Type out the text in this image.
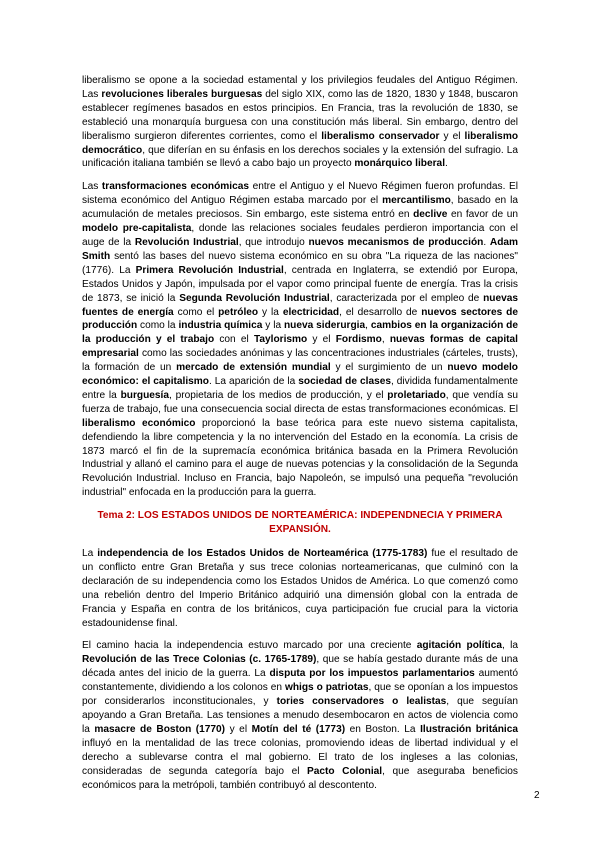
liberalismo se opone a la sociedad estamental y los privilegios feudales del Antiguo Régimen. Las revoluciones liberales burguesas del siglo XIX, como las de 1820, 1830 y 1848, buscaron establecer regímenes basados en estos principios. En Francia, tras la revolución de 1830, se estableció una monarquía burguesa con una constitución más liberal. Sin embargo, dentro del liberalismo surgieron diferentes corrientes, como el liberalismo conservador y el liberalismo democrático, que diferían en su énfasis en los derechos sociales y la extensión del sufragio. La unificación italiana también se llevó a cabo bajo un proyecto monárquico liberal.

Las transformaciones económicas entre el Antiguo y el Nuevo Régimen fueron profundas. El sistema económico del Antiguo Régimen estaba marcado por el mercantilismo, basado en la acumulación de metales preciosos. Sin embargo, este sistema entró en declive en favor de un modelo pre-capitalista, donde las relaciones sociales feudales perdieron importancia con el auge de la Revolución Industrial, que introdujo nuevos mecanismos de producción. Adam Smith sentó las bases del nuevo sistema económico en su obra "La riqueza de las naciones" (1776). La Primera Revolución Industrial, centrada en Inglaterra, se extendió por Europa, Estados Unidos y Japón, impulsada por el vapor como principal fuente de energía. Tras la crisis de 1873, se inició la Segunda Revolución Industrial, caracterizada por el empleo de nuevas fuentes de energía como el petróleo y la electricidad, el desarrollo de nuevos sectores de producción como la industria química y la nueva siderurgia, cambios en la organización de la producción y el trabajo con el Taylorismo y el Fordismo, nuevas formas de capital empresarial como las sociedades anónimas y las concentraciones industriales (cárteles, trusts), la formación de un mercado de extensión mundial y el surgimiento de un nuevo modelo económico: el capitalismo. La aparición de la sociedad de clases, dividida fundamentalmente entre la burguesía, propietaria de los medios de producción, y el proletariado, que vendía su fuerza de trabajo, fue una consecuencia social directa de estas transformaciones económicas. El liberalismo económico proporcionó la base teórica para este nuevo sistema capitalista, defendiendo la libre competencia y la no intervención del Estado en la economía. La crisis de 1873 marcó el fin de la supremacía económica británica basada en la Primera Revolución Industrial y allanó el camino para el auge de nuevas potencias y la consolidación de la Segunda Revolución Industrial. Incluso en Francia, bajo Napoleón, se impulsó una pequeña "revolución industrial" enfocada en la producción para la guerra.

Tema 2: LOS ESTADOS UNIDOS DE NORTEAMÉRICA: INDEPENDNECIA Y PRIMERA EXPANSIÓN.

La independencia de los Estados Unidos de Norteamérica (1775-1783) fue el resultado de un conflicto entre Gran Bretaña y sus trece colonias norteamericanas, que culminó con la declaración de su independencia como los Estados Unidos de América. Lo que comenzó como una rebelión dentro del Imperio Británico adquirió una dimensión global con la entrada de Francia y España en contra de los británicos, cuya participación fue crucial para la victoria estadounidense final.

El camino hacia la independencia estuvo marcado por una creciente agitación política, la Revolución de las Trece Colonias (c. 1765-1789), que se había gestado durante más de una década antes del inicio de la guerra. La disputa por los impuestos parlamentarios aumentó constantemente, dividiendo a los colonos en whigs o patriotas, que se oponían a los impuestos por considerarlos inconstitucionales, y tories conservadores o lealistas, que seguían apoyando a Gran Bretaña. Las tensiones a menudo desembocaron en actos de violencia como la masacre de Boston (1770) y el Motín del té (1773) en Boston. La Ilustración británica influyó en la mentalidad de las trece colonias, promoviendo ideas de libertad individual y el derecho a sublevarse contra el mal gobierno. El trato de los ingleses a las colonias, consideradas de segunda categoría bajo el Pacto Colonial, que aseguraba beneficios económicos para la metrópoli, también contribuyó al descontento.

2
